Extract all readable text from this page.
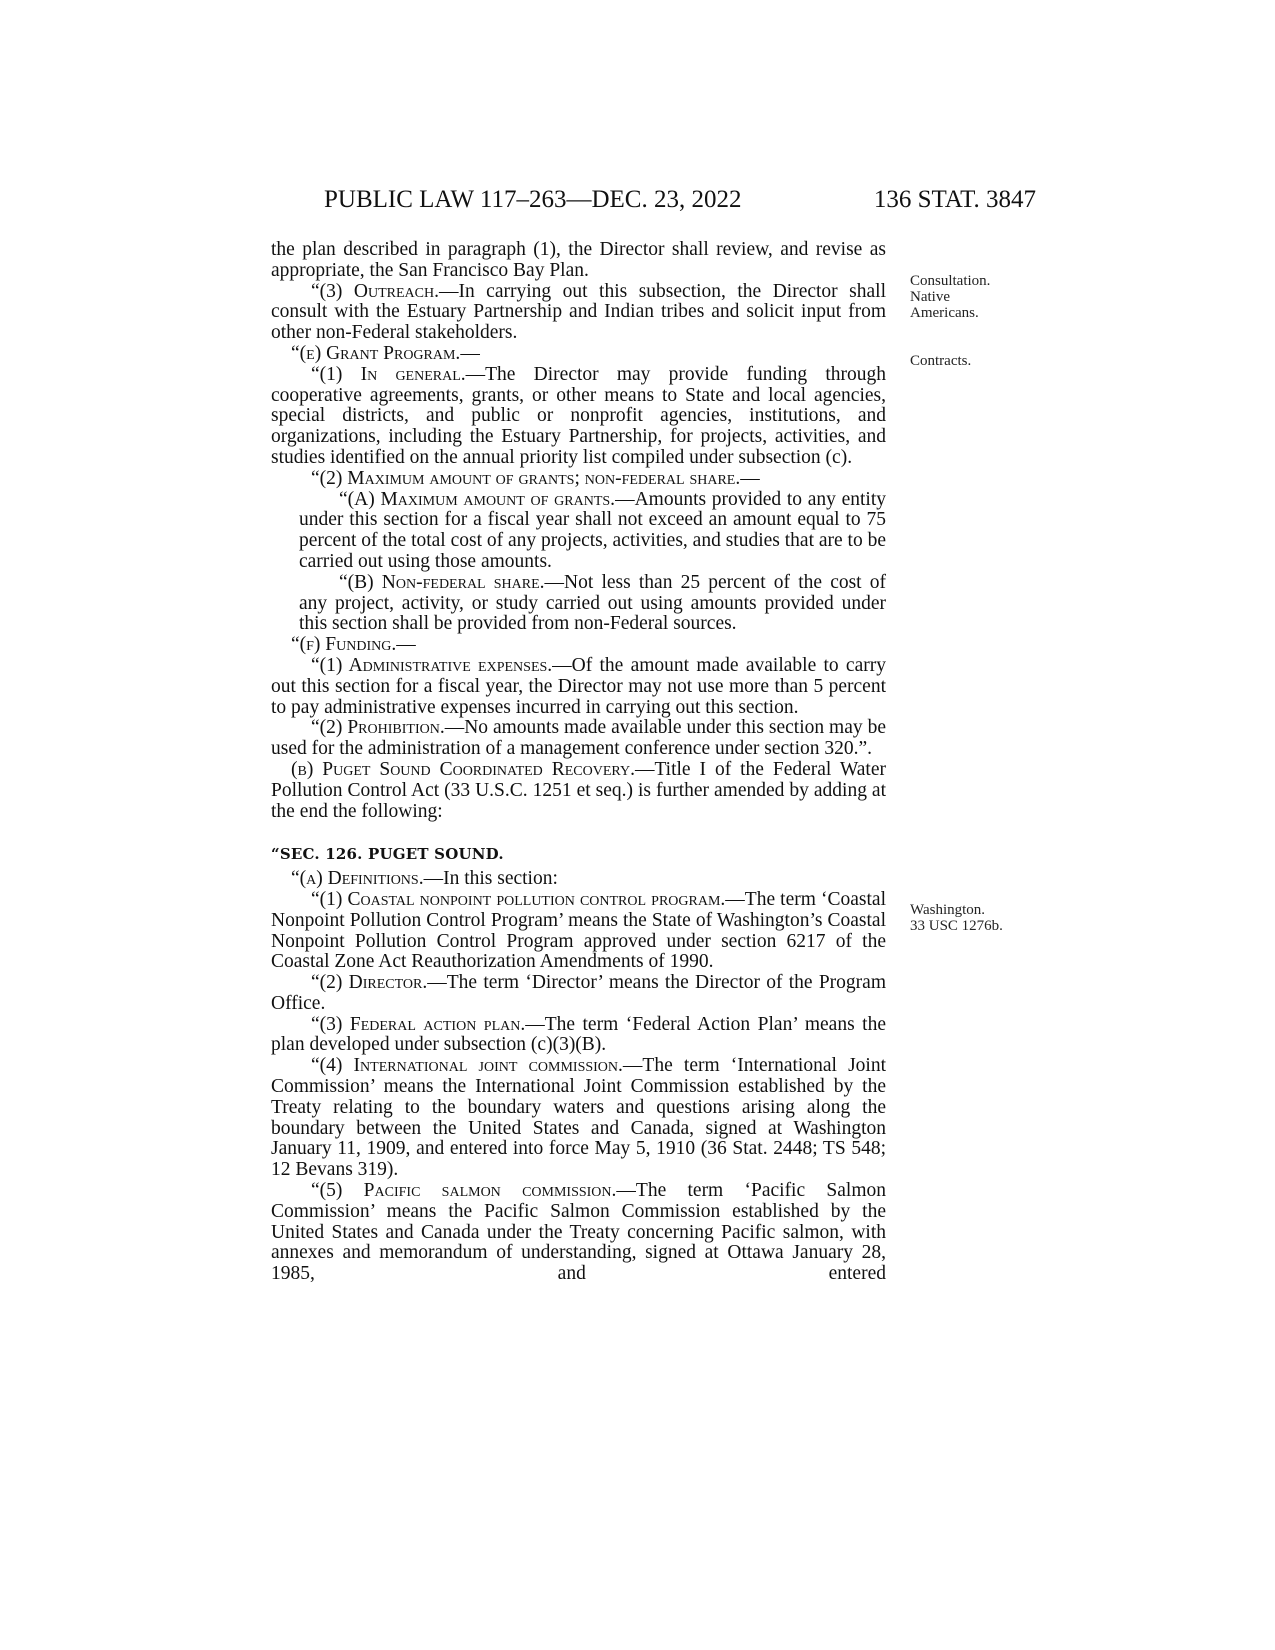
PUBLIC LAW 117–263—DEC. 23, 2022	136 STAT. 3847
Consultation.
Native
Americans.
Contracts.
Washington.
33 USC 1276b.

the plan described in paragraph (1), the Director shall review, and revise as appropriate, the San Francisco Bay Plan.

“(3) Outreach.—In carrying out this subsection, the Director shall consult with the Estuary Partnership and Indian tribes and solicit input from other non-Federal stakeholders.

“(e) Grant Program.—

“(1) In general.—The Director may provide funding through cooperative agreements, grants, or other means to State and local agencies, special districts, and public or nonprofit agencies, institutions, and organizations, including the Estuary Partnership, for projects, activities, and studies identified on the annual priority list compiled under subsection (c).

“(2) Maximum amount of grants; non-federal share.—

“(A) Maximum amount of grants.—Amounts provided to any entity under this section for a fiscal year shall not exceed an amount equal to 75 percent of the total cost of any projects, activities, and studies that are to be carried out using those amounts.

“(B) Non-federal share.—Not less than 25 percent of the cost of any project, activity, or study carried out using amounts provided under this section shall be provided from non-Federal sources.

“(f) Funding.—

“(1) Administrative expenses.—Of the amount made available to carry out this section for a fiscal year, the Director may not use more than 5 percent to pay administrative expenses incurred in carrying out this section.

“(2) Prohibition.—No amounts made available under this section may be used for the administration of a management conference under section 320.”.

(b) Puget Sound Coordinated Recovery.—Title I of the Federal Water Pollution Control Act (33 U.S.C. 1251 et seq.) is further amended by adding at the end the following:

“SEC. 126. PUGET SOUND.

“(a) Definitions.—In this section:

“(1) Coastal nonpoint pollution control program.—The term ‘Coastal Nonpoint Pollution Control Program’ means the State of Washington’s Coastal Nonpoint Pollution Control Program approved under section 6217 of the Coastal Zone Act Reauthorization Amendments of 1990.

“(2) Director.—The term ‘Director’ means the Director of the Program Office.

“(3) Federal action plan.—The term ‘Federal Action Plan’ means the plan developed under subsection (c)(3)(B).

“(4) International joint commission.—The term ‘International Joint Commission’ means the International Joint Commission established by the Treaty relating to the boundary waters and questions arising along the boundary between the United States and Canada, signed at Washington January 11, 1909, and entered into force May 5, 1910 (36 Stat. 2448; TS 548; 12 Bevans 319).

“(5) Pacific salmon commission.—The term ‘Pacific Salmon Commission’ means the Pacific Salmon Commission established by the United States and Canada under the Treaty concerning Pacific salmon, with annexes and memorandum of understanding, signed at Ottawa January 28, 1985, and entered
